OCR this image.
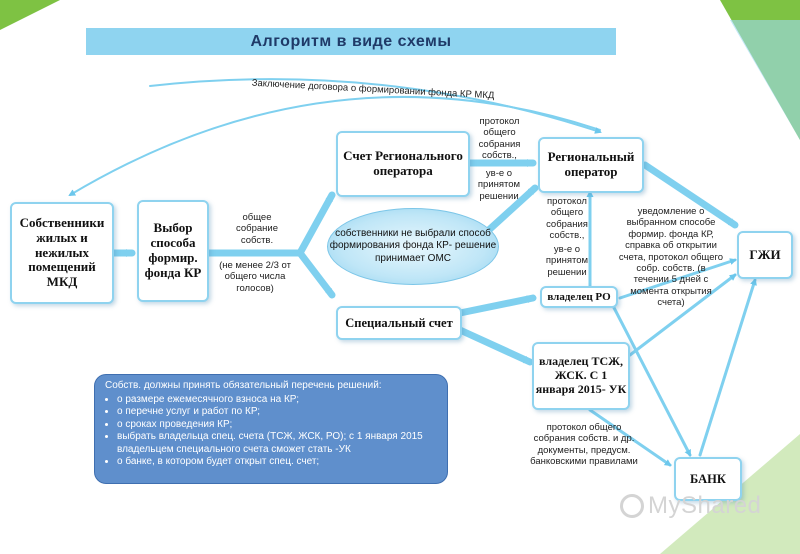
Алгоритм в виде схемы
Заключение договора о формировании фонда КР МКД
Собственники жилых и нежилых помещений МКД
Выбор способа формир. фонда КР
общее собрание собств.
(не менее 2/3 от общего числа голосов)
Счет Регионального оператора
протокол общего собрания собств.,
ув-е о принятом решении
Региональный оператор
собственники не выбрали способ формирования фонда КР- решение принимает ОМС
протокол общего собрания собств.,
ув-е о принятом решении
уведомление о выбранном способе формир. фонда КР, справка об открытии счета, протокол общего собр. собств. (в течении 5 дней с момента открытия счета)
Специальный счет
владелец РО
ГЖИ
владелец ТСЖ, ЖСК. С 1 января 2015- УК
протокол общего собрания собств. и др. документы, предусм. банковскими правилами
БАНК
Собств. должны принять обязательный перечень решений:
• о размере ежемесячного взноса на КР;
• о перечне услуг и работ по КР;
• о сроках проведения КР;
• выбрать владельца спец. счета (ТСЖ, ЖСК, РО); с 1 января 2015 владельцем специального счета сможет стать -УК
• о банке, в котором будет открыт спец. счет;
MyShared
